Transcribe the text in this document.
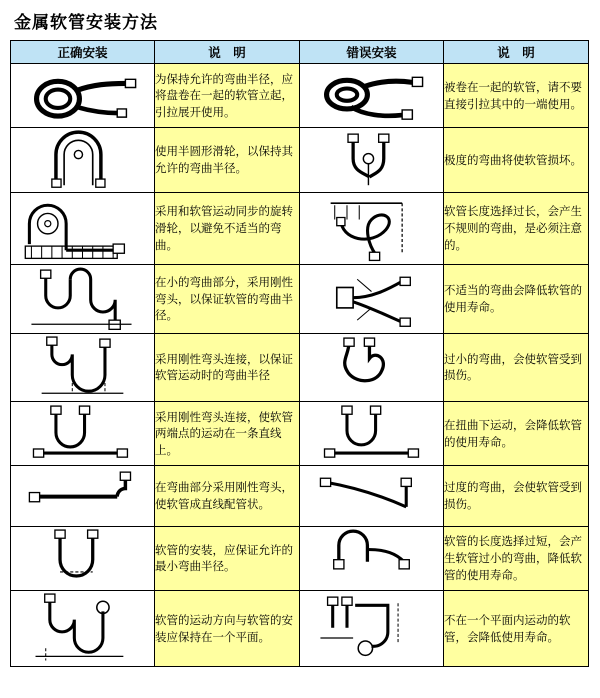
金属软管安装方法
正确安装	说　明	错误安装	说　明

	为保持允许的弯曲半径，应将盘卷在一起的软管立起，引拉展开使用。		被卷在一起的软管，请不要直接引拉其中的一端使用。

	使用半圆形滑轮，以保持其允许的弯曲半径。		极度的弯曲将使软管损坏。

	采用和软管运动同步的旋转滑轮，以避免不适当的弯曲。		软管长度选择过长，会产生不规则的弯曲，是必须注意的。

	在小的弯曲部分，采用刚性弯头，以保证软管的弯曲半径。		不适当的弯曲会降低软管的使用寿命。

	采用刚性弯头连接，以保证软管运动时的弯曲半径		过小的弯曲，会使软管受到损伤。

	采用刚性弯头连接，使软管两端点的运动在一条直线上。		在扭曲下运动，会降低软管的使用寿命。

	在弯曲部分采用刚性弯头，使软管成直线配管状。		过度的弯曲，会使软管受到损伤。

	软管的安装，应保证允许的最小弯曲半径。		软管的长度选择过短，会产生软管过小的弯曲，降低软管的使用寿命。

	软管的运动方向与软管的安装应保持在一个平面。		不在一个平面内运动的软管，会降低使用寿命。
